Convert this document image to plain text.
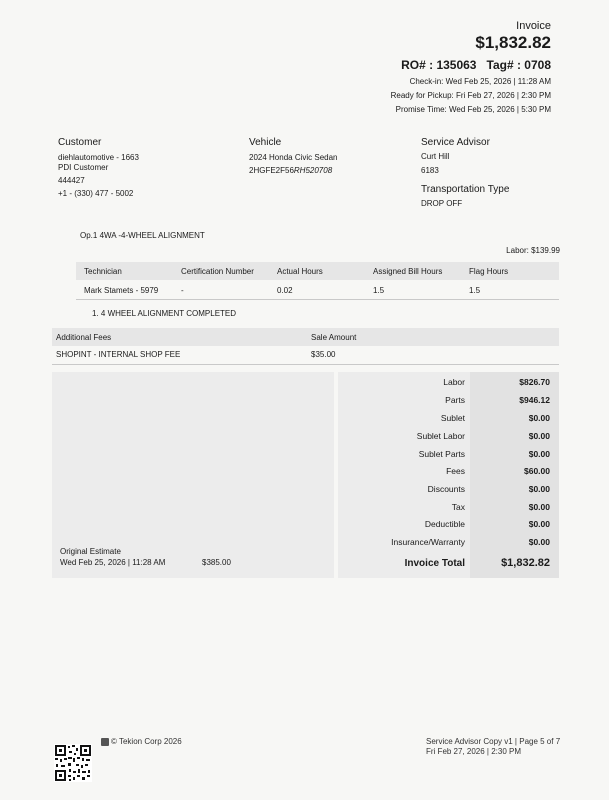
Invoice
$1,832.82
RO# : 135063 Tag# : 0708
Check-in: Wed Feb 25, 2026 | 11:28 AM
Ready for Pickup: Fri Feb 27, 2026 | 2:30 PM
Promise Time: Wed Feb 25, 2026 | 5:30 PM
Customer
diehlautomotive - 1663
PDI Customer
444427
+1 - (330) 477 - 5002
Vehicle
2024 Honda Civic Sedan
2HGFE2F56RH520708
Service Advisor
Curt Hill
6183
Transportation Type
DROP OFF
Op.1 4WA -4-WHEEL ALIGNMENT
Labor: $139.99
Technician	Certification Number	Actual Hours	Assigned Bill Hours	Flag Hours
Mark Stamets - 5979	-	0.02	1.5	1.5
1. 4 WHEEL ALIGNMENT COMPLETED
Additional Fees	Sale Amount
SHOPINT - INTERNAL SHOP FEE	$35.00
Labor	$826.70
Parts	$946.12
Sublet	$0.00
Sublet Labor	$0.00
Sublet Parts	$0.00
Fees	$60.00
Discounts	$0.00
Tax	$0.00
Deductible	$0.00
Insurance/Warranty	$0.00
Invoice Total	$1,832.82
Original Estimate
Wed Feb 25, 2026 | 11:28 AM	$385.00
© Tekion Corp 2026	Service Advisor Copy v1 | Page 5 of 7
Fri Feb 27, 2026 | 2:30 PM
